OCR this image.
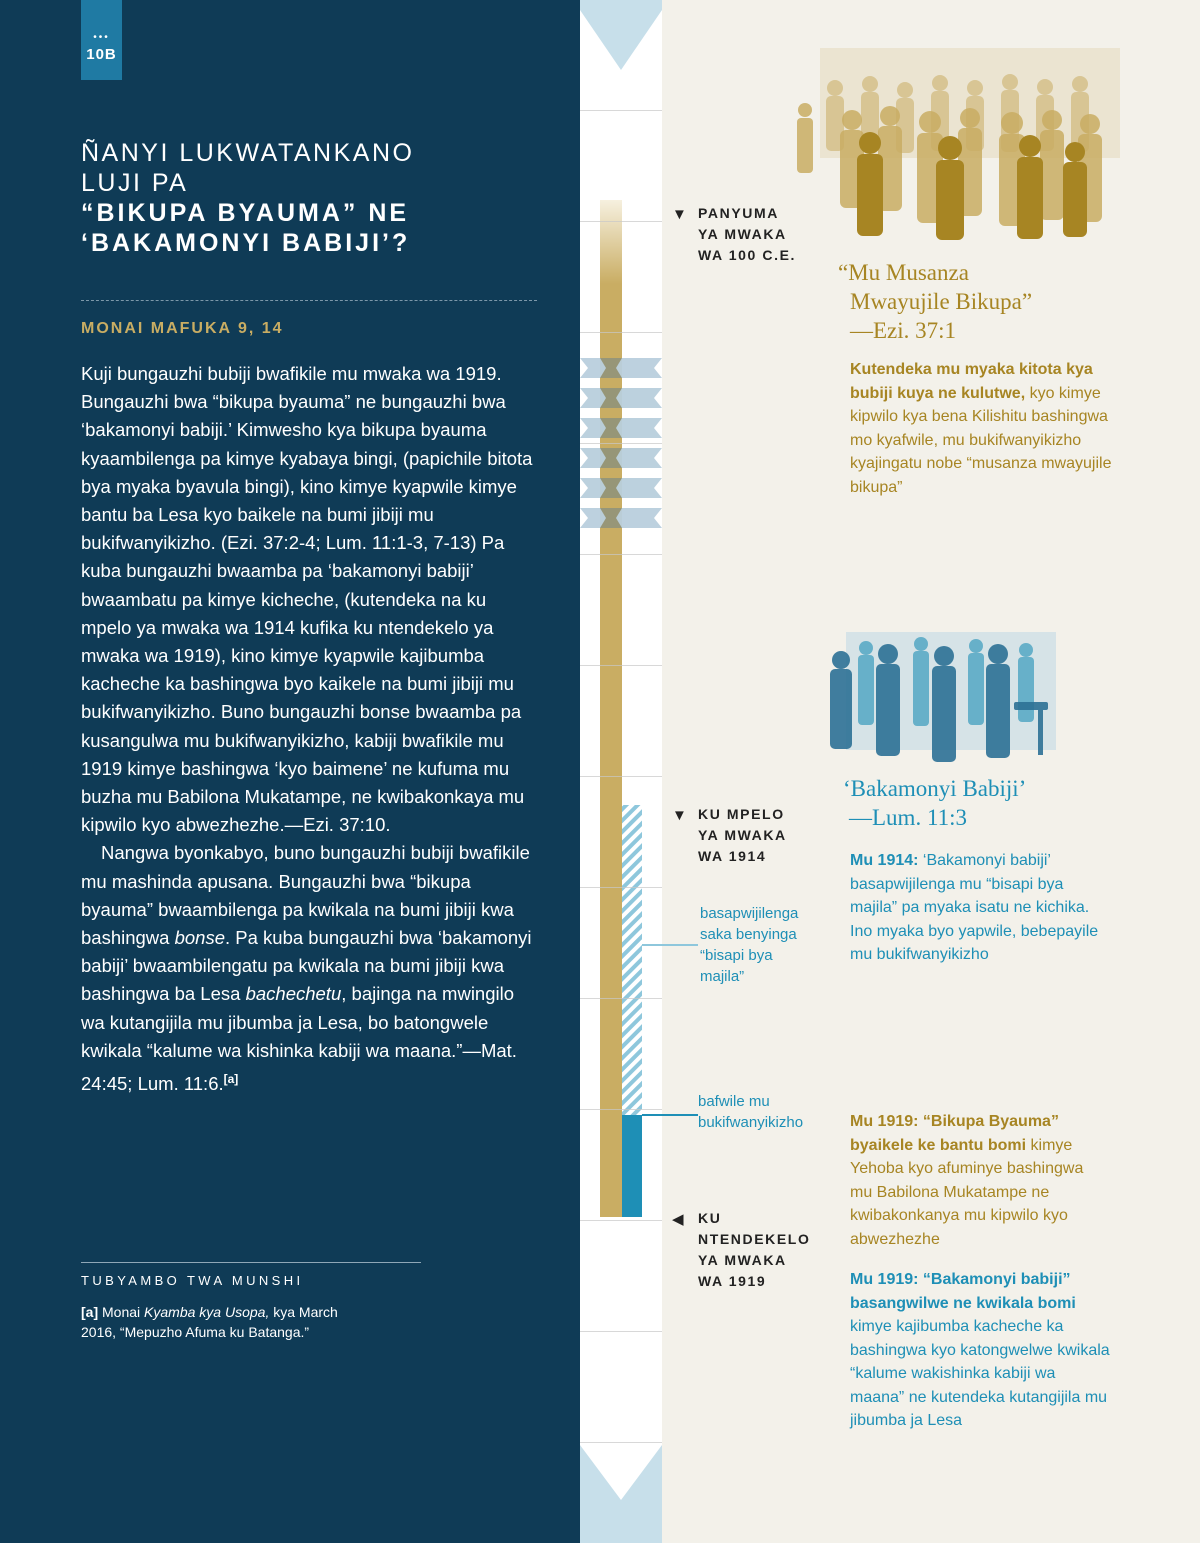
•••
10B
ÑANYI LUKWATANKANO
LUJI PA
“BIKUPA BYAUMA” NE
‘BAKAMONYI BABIJI’?
MONAI MAFUKA 9, 14

Kuji bungauzhi bubiji bwafikile mu mwaka wa 1919. Bungauzhi bwa “bikupa byauma” ne bungauzhi bwa ‘bakamonyi babiji.’ Kimwesho kya bikupa byauma kyaambilenga pa kimye kyabaya bingi, (papichile bitota bya myaka byavula bingi), kino kimye kyapwile kimye bantu ba Lesa kyo baikele na bumi jibiji mu bukifwanyikizho. (Ezi. 37:2-4; Lum. 11:1-3, 7-13) Pa kuba bungauzhi bwaamba pa ‘bakamonyi babiji’ bwaambatu pa kimye kicheche, (kutendeka na ku mpelo ya mwaka wa 1914 kufika ku ntendekelo ya mwaka wa 1919), kino kimye kyapwile kajibumba kacheche ka bashingwa byo kaikele na bumi jibiji mu bukifwanyikizho. Buno bungauzhi bonse bwaamba pa kusangulwa mu bukifwanyikizho, kabiji bwafikile mu 1919 kimye bashingwa ‘kyo baimene’ ne kufuma mu buzha mu Babilona Mukatampe, ne kwibakonkaya mu kipwilo kyo abwezhezhe.—Ezi. 37:10.

Nangwa byonkabyo, buno bungauzhi bubiji bwafikile mu mashinda apusana. Bungauzhi bwa “bikupa byauma” bwaambilenga pa kwikala na bumi jibiji kwa bashingwa bonse. Pa kuba bungauzhi bwa ‘bakamonyi babiji’ bwaambilengatu pa kwikala na bumi jibiji kwa bashingwa ba Lesa bachechetu, bajinga na mwingilo wa kutangijila mu jibumba ja Lesa, bo batongwele kwikala “kalume wa kishinka kabiji wa maana.”—Mat. 24:45; Lum. 11:6.[a]

TUBYAMBO TWA MUNSHI
[a] Monai Kyamba kya Usopa, kya March 2016, “Mepuzho Afuma ku Batanga.”
▼ PANYUMA
YA MWAKA
WA 100 C.E.
▼ KU MPELO
YA MWAKA
WA 1914
◀	KU
NTENDEKELO
YA MWAKA
WA 1919
basapwijilenga
saka benyinga
“bisapi bya
majila”
bafwile mu
bukifwanyikizho
“Mu Musanza
Mwayujile Bikupa”
—Ezi. 37:1
Kutendeka mu myaka kitota kya bubiji kuya ne kulutwe, kyo kimye kipwilo kya bena Kilishitu bashingwa mo kyafwile, mu bukifwanyikizho kyajingatu nobe “musanza mwayujile bikupa”
‘Bakamonyi Babiji’
—Lum. 11:3
Mu 1914: ‘Bakamonyi babiji’ basapwijilenga mu “bisapi bya majila” pa myaka isatu ne kichika. Ino myaka byo yapwile, bebepayile mu bukifwanyikizho
Mu 1919: “Bikupa Byauma” byaikele ke bantu bomi kimye Yehoba kyo afuminye bashingwa mu Babilona Mukatampe ne kwibakonkanya mu kipwilo kyo abwezhezhe
Mu 1919: “Bakamonyi babiji” basangwilwe ne kwikala bomi kimye kajibumba kacheche ka bashingwa kyo katongwelwe kwikala “kalume wakishinka kabiji wa maana” ne kutendeka kutangijila mu jibumba ja Lesa
